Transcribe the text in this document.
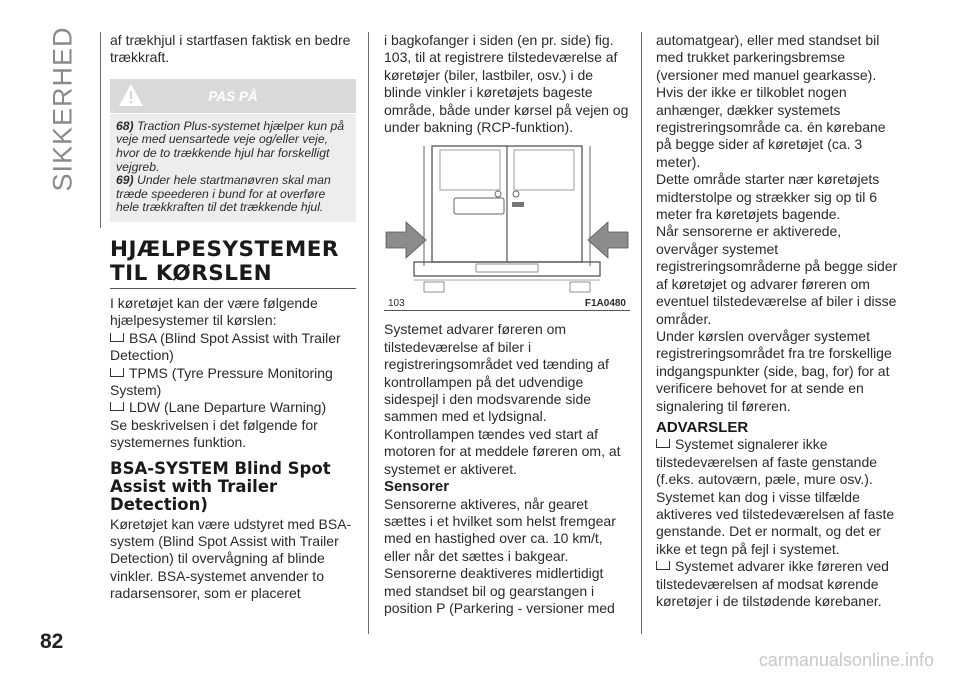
SIKKERHED af trækhjul i startfasen faktisk en bedre trækkraft.

PAS PÅ

68) Traction Plus-systemet hjælper kun på veje med uensartede veje og/eller veje, hvor de to trækkende hjul har forskelligt vejgreb.

69) Under hele startmanøvren skal man træde speederen i bund for at overføre hele trækkraften til det trækkende hjul.

HJÆLPESYSTEMER TIL KØRSLEN

I køretøjet kan der være følgende hjælpesystemer til kørslen:

BSA (Blind Spot Assist with Trailer Detection)
TPMS (Tyre Pressure Monitoring System)
LDW (Lane Departure Warning)

Se beskrivelsen i det følgende for systemernes funktion.

BSA-SYSTEM Blind Spot Assist with Trailer Detection)

Køretøjet kan være udstyret med BSA-system (Blind Spot Assist with Trailer Detection) til overvågning af blinde vinkler. BSA-systemet anvender to radarsensorer, som er placeret

i bagkofanger i siden (en pr. side) fig. 103, til at registrere tilstedeværelse af køretøjer (biler, lastbiler, osv.) i de blinde vinkler i køretøjets bageste område, både under kørsel på vejen og under bakning (RCP-funktion).

103	F1A0480

Systemet advarer føreren om tilstedeværelse af biler i registreringsområdet ved tænding af kontrollampen på det udvendige sidespejl i den modsvarende side sammen med et lydsignal. Kontrollampen tændes ved start af motoren for at meddele føreren om, at systemet er aktiveret.

Sensorer

Sensorerne aktiveres, når gearet sættes i et hvilket som helst fremgear med en hastighed over ca. 10 km/t, eller når det sættes i bakgear. Sensorerne deaktiveres midlertidigt med standset bil og gearstangen i position P (Parkering - versioner med

automatgear), eller med standset bil med trukket parkeringsbremse (versioner med manuel gearkasse). Hvis der ikke er tilkoblet nogen anhænger, dækker systemets registreringsområde ca. én kørebane på begge sider af køretøjet (ca. 3 meter).

Dette område starter nær køretøjets midterstolpe og strækker sig op til 6 meter fra køretøjets bagende.

Når sensorerne er aktiverede, overvåger systemet registreringsområderne på begge sider af køretøjet og advarer føreren om eventuel tilstedeværelse af biler i disse områder.

Under kørslen overvåger systemet registreringsområdet fra tre forskellige indgangspunkter (side, bag, for) for at verificere behovet for at sende en signalering til føreren.

ADVARSLER
Systemet signalerer ikke tilstedeværelsen af faste genstande (f.eks. autoværn, pæle, mure osv.). Systemet kan dog i visse tilfælde aktiveres ved tilstedeværelsen af faste genstande. Det er normalt, og det er ikke et tegn på fejl i systemet.
Systemet advarer ikke føreren ved tilstedeværelsen af modsat kørende køretøjer i de tilstødende kørebaner.
82
carmanualsonline.info
